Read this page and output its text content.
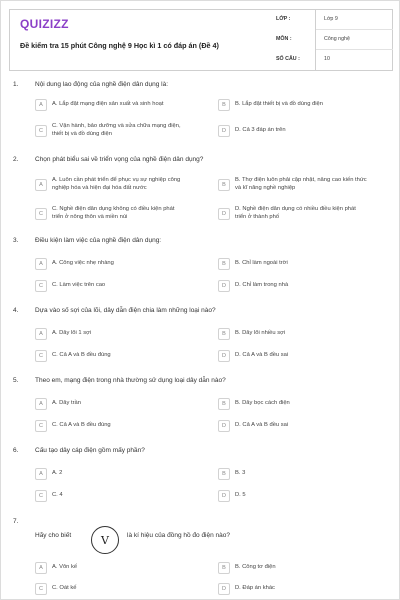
QUIZIZZ
Đề kiểm tra 15 phút Công nghệ 9 Học kì 1 có đáp án (Đề 4)
LỚP :	Lớp 9
MÔN :	Công nghệ
SỐ CÂU :	10
1.	Nội dung lao động của nghề điện dân dụng là:
A	A. Lắp đặt mạng điện sản xuất và sinh hoạt	B	B. Lắp đặt thiết bị và đồ dùng điện
C
C. Vận hành, bảo dưỡng và sửa chữa mạng điện,
thiết bị và đồ dùng điện	D	D. Cả 3 đáp án trên
2.	Chọn phát biểu sai về triển vọng của nghề điện dân dụng?
A
A. Luôn cần phát triển để phục vụ sự nghiệp công
nghiệp hóa và hiện đại hóa đất nước	B
B. Thợ điện luôn phải cập nhật, nâng cao kiến thức
và kĩ năng nghề nghiệp
C
C. Nghề điện dân dụng không có điều kiện phát
triển ở nông thôn và miền núi	D
D. Nghề điện dân dụng có nhiều điều kiện phát
triển ở thành phố
3.	Điều kiện làm việc của nghề điện dân dụng:
A	A. Công việc nhẹ nhàng	B	B. Chỉ làm ngoài trời
C	C. Làm việc trên cao	D	D. Chỉ làm trong nhà
4.	Dựa vào số sợi của lõi, dây dẫn điện chia làm những loại nào?
A	A. Dây lõi 1 sợi	B	B. Dây lõi nhiều sợi
C	C. Cả A và B đều đúng	D	D. Cả A và B đều sai
5.	Theo em, mạng điện trong nhà thường sử dụng loại dây dẫn nào?
A	A. Dây trần	B	B. Dây bọc cách điện
C	C. Cả A và B đều đúng	D	D. Cả A và B đều sai
6.	Cấu tạo dây cáp điện gồm mấy phần?
A	A. 2	B	B. 3
C	C. 4	D	D. 5
7.
Hãy cho biết	V	là kí hiệu của đồng hồ đo điện nào?
A	A. Vôn kế	B	B. Công tơ điện
C	C. Oát kế	D	D. Đáp án khác
